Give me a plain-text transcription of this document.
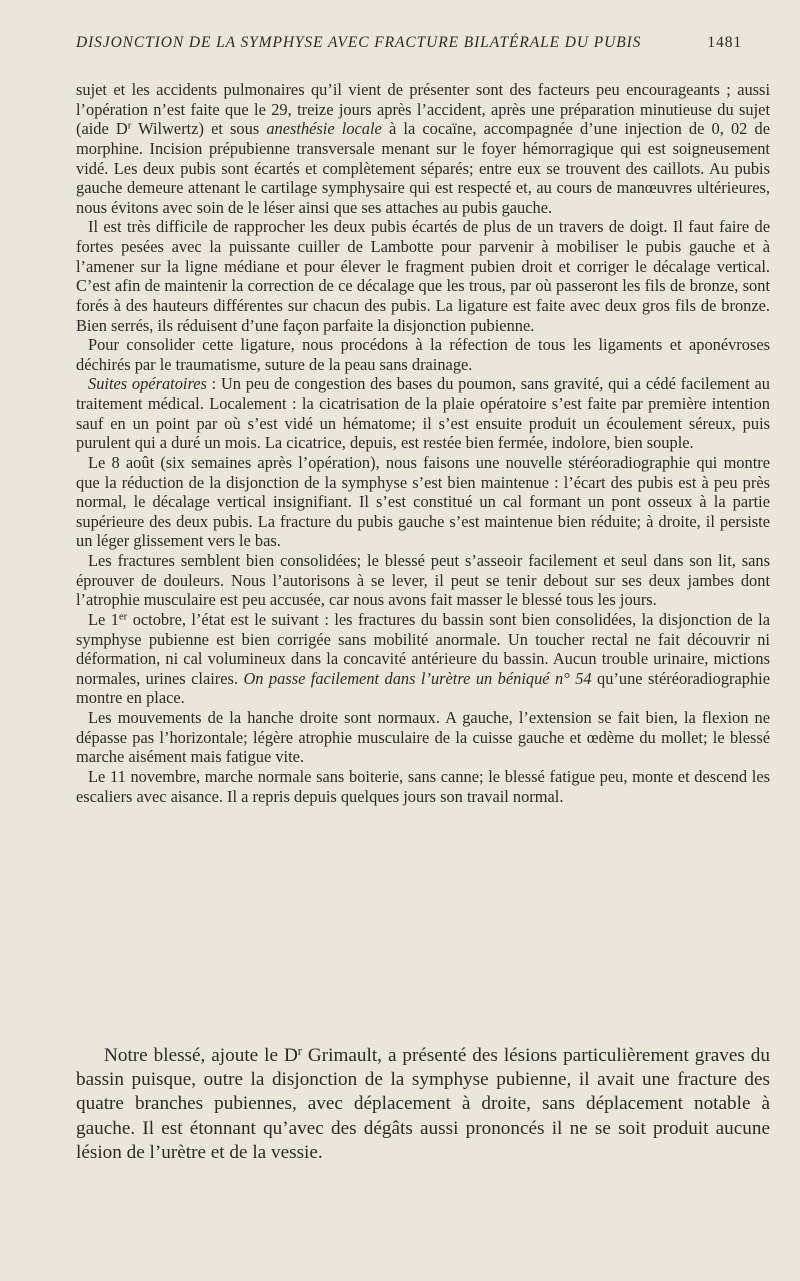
DISJONCTION DE LA SYMPHYSE AVEC FRACTURE BILATÉRALE DU PUBIS	1481

sujet et les accidents pulmonaires qu’il vient de présenter sont des facteurs peu encourageants ; aussi l’opération n’est faite que le 29, treize jours après l’accident, après une préparation minutieuse du sujet (aide $D^r$ Wilwertz) et sous anesthésie locale à la cocaïne, accompagnée d’une injection de 0, 02 de morphine. Incision prépubienne transversale menant sur le foyer hémorragique qui est soigneusement vidé. Les deux pubis sont écartés et complètement séparés; entre eux se trouvent des caillots. Au pubis gauche demeure attenant le cartilage symphysaire qui est respecté et, au cours de manœuvres ultérieures, nous évitons avec soin de le léser ainsi que ses attaches au pubis gauche.

Il est très difficile de rapprocher les deux pubis écartés de plus de un travers de doigt. Il faut faire de fortes pesées avec la puissante cuiller de Lambotte pour parvenir à mobiliser le pubis gauche et à l’amener sur la ligne médiane et pour élever le fragment pubien droit et corriger le décalage vertical. C’est afin de maintenir la correction de ce décalage que les trous, par où passeront les fils de bronze, sont forés à des hauteurs différentes sur chacun des pubis. La ligature est faite avec deux gros fils de bronze. Bien serrés, ils réduisent d’une façon parfaite la disjonction pubienne.

Pour consolider cette ligature, nous procédons à la réfection de tous les ligaments et aponévroses déchirés par le traumatisme, suture de la peau sans drainage.

Suites opératoires : Un peu de congestion des bases du poumon, sans gravité, qui a cédé facilement au traitement médical. Localement : la cicatrisation de la plaie opératoire s’est faite par première intention sauf en un point par où s’est vidé un hématome; il s’est ensuite produit un écoulement séreux, puis purulent qui a duré un mois. La cicatrice, depuis, est restée bien fermée, indolore, bien souple.

Le 8 août (six semaines après l’opération), nous faisons une nouvelle stéréoradiographie qui montre que la réduction de la disjonction de la symphyse s’est bien maintenue : l’écart des pubis est à peu près normal, le décalage vertical insignifiant. Il s’est constitué un cal formant un pont osseux à la partie supérieure des deux pubis. La fracture du pubis gauche s’est maintenue bien réduite; à droite, il persiste un léger glissement vers le bas.

Les fractures semblent bien consolidées; le blessé peut s’asseoir facilement et seul dans son lit, sans éprouver de douleurs. Nous l’autorisons à se lever, il peut se tenir debout sur ses deux jambes dont l’atrophie musculaire est peu accusée, car nous avons fait masser le blessé tous les jours.

Le 1er octobre, l’état est le suivant : les fractures du bassin sont bien consolidées, la disjonction de la symphyse pubienne est bien corrigée sans mobilité anormale. Un toucher rectal ne fait découvrir ni déformation, ni cal volumineux dans la concavité antérieure du bassin. Aucun trouble urinaire, mictions normales, urines claires. On passe facilement dans l’urètre un béniqué n° 54 qu’une stéréoradiographie montre en place.

Les mouvements de la hanche droite sont normaux. A gauche, l’extension se fait bien, la flexion ne dépasse pas l’horizontale; légère atrophie musculaire de la cuisse gauche et œdème du mollet; le blessé marche aisément mais fatigue vite.

Le 11 novembre, marche normale sans boiterie, sans canne; le blessé fatigue peu, monte et descend les escaliers avec aisance. Il a repris depuis quelques jours son travail normal.

Notre blessé, ajoute le $D^r$ Grimault, a présenté des lésions particulièrement graves du bassin puisque, outre la disjonction de la symphyse pubienne, il avait une fracture des quatre branches pubiennes, avec déplacement à droite, sans déplacement notable à gauche. Il est étonnant qu’avec des dégâts aussi prononcés il ne se soit produit aucune lésion de l’urètre et de la vessie.
